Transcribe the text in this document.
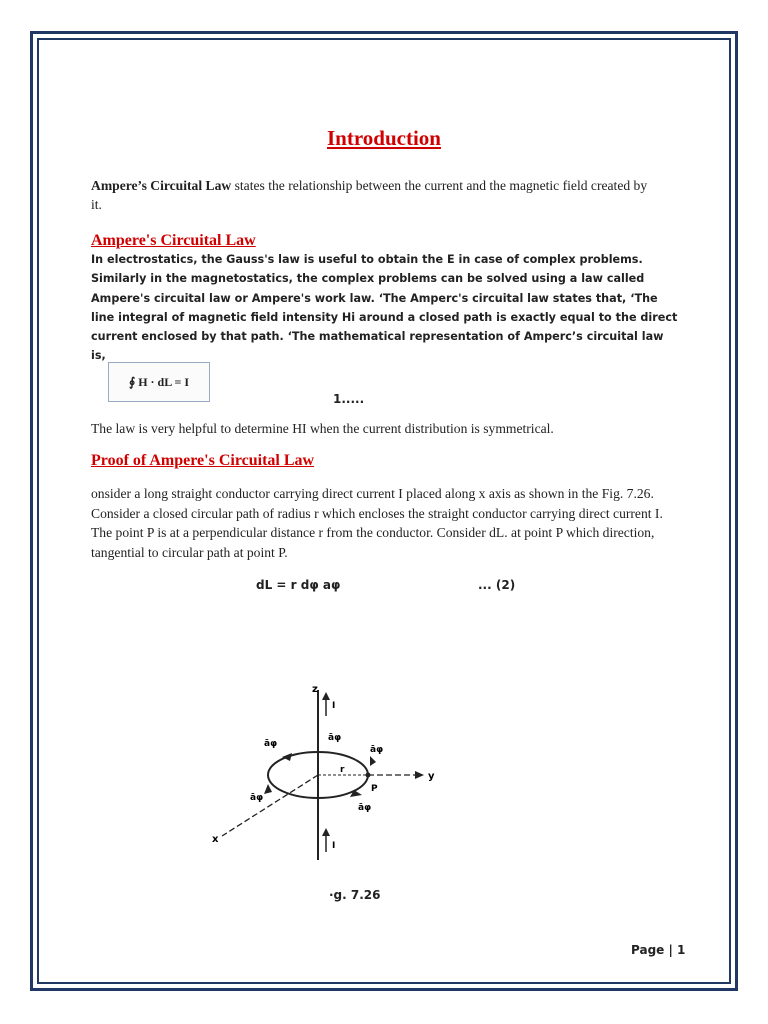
Introduction
Ampere’s Circuital Law states the relationship between the current and the magnetic field created by it.
Ampere's Circuital Law
In electrostatics, the Gauss's law is useful to obtain the E in case of complex problems. Similarly in the magnetostatics, the complex problems can be solved using a law called Ampere's circuital law or Ampere's work law. ‘The Amperc's circuital law states that, ‘The line integral of magnetic field intensity Hi around a closed path is exactly equal to the direct current enclosed by that path. ‘The mathematical representation of Amperc’s circuital law is,
∮ H · dL = I
1.....
The law is very helpful to determine HI when the current distribution is symmetrical.
Proof of Ampere's Circuital Law
onsider a long straight conductor carrying direct current I placed along x axis as shown in the Fig. 7.26. Consider a closed circular path of radius r which encloses the straight conductor carrying direct current I. The point P is at a perpendicular distance r from the conductor. Consider dL. at point P which direction, tangential to circular path at point P.
dL = r dφ aφ	... (2)
z
y
x
r
P
I
I
āφ
āφ
āφ
āφ
āφ
·g. 7.26
Page | 1
